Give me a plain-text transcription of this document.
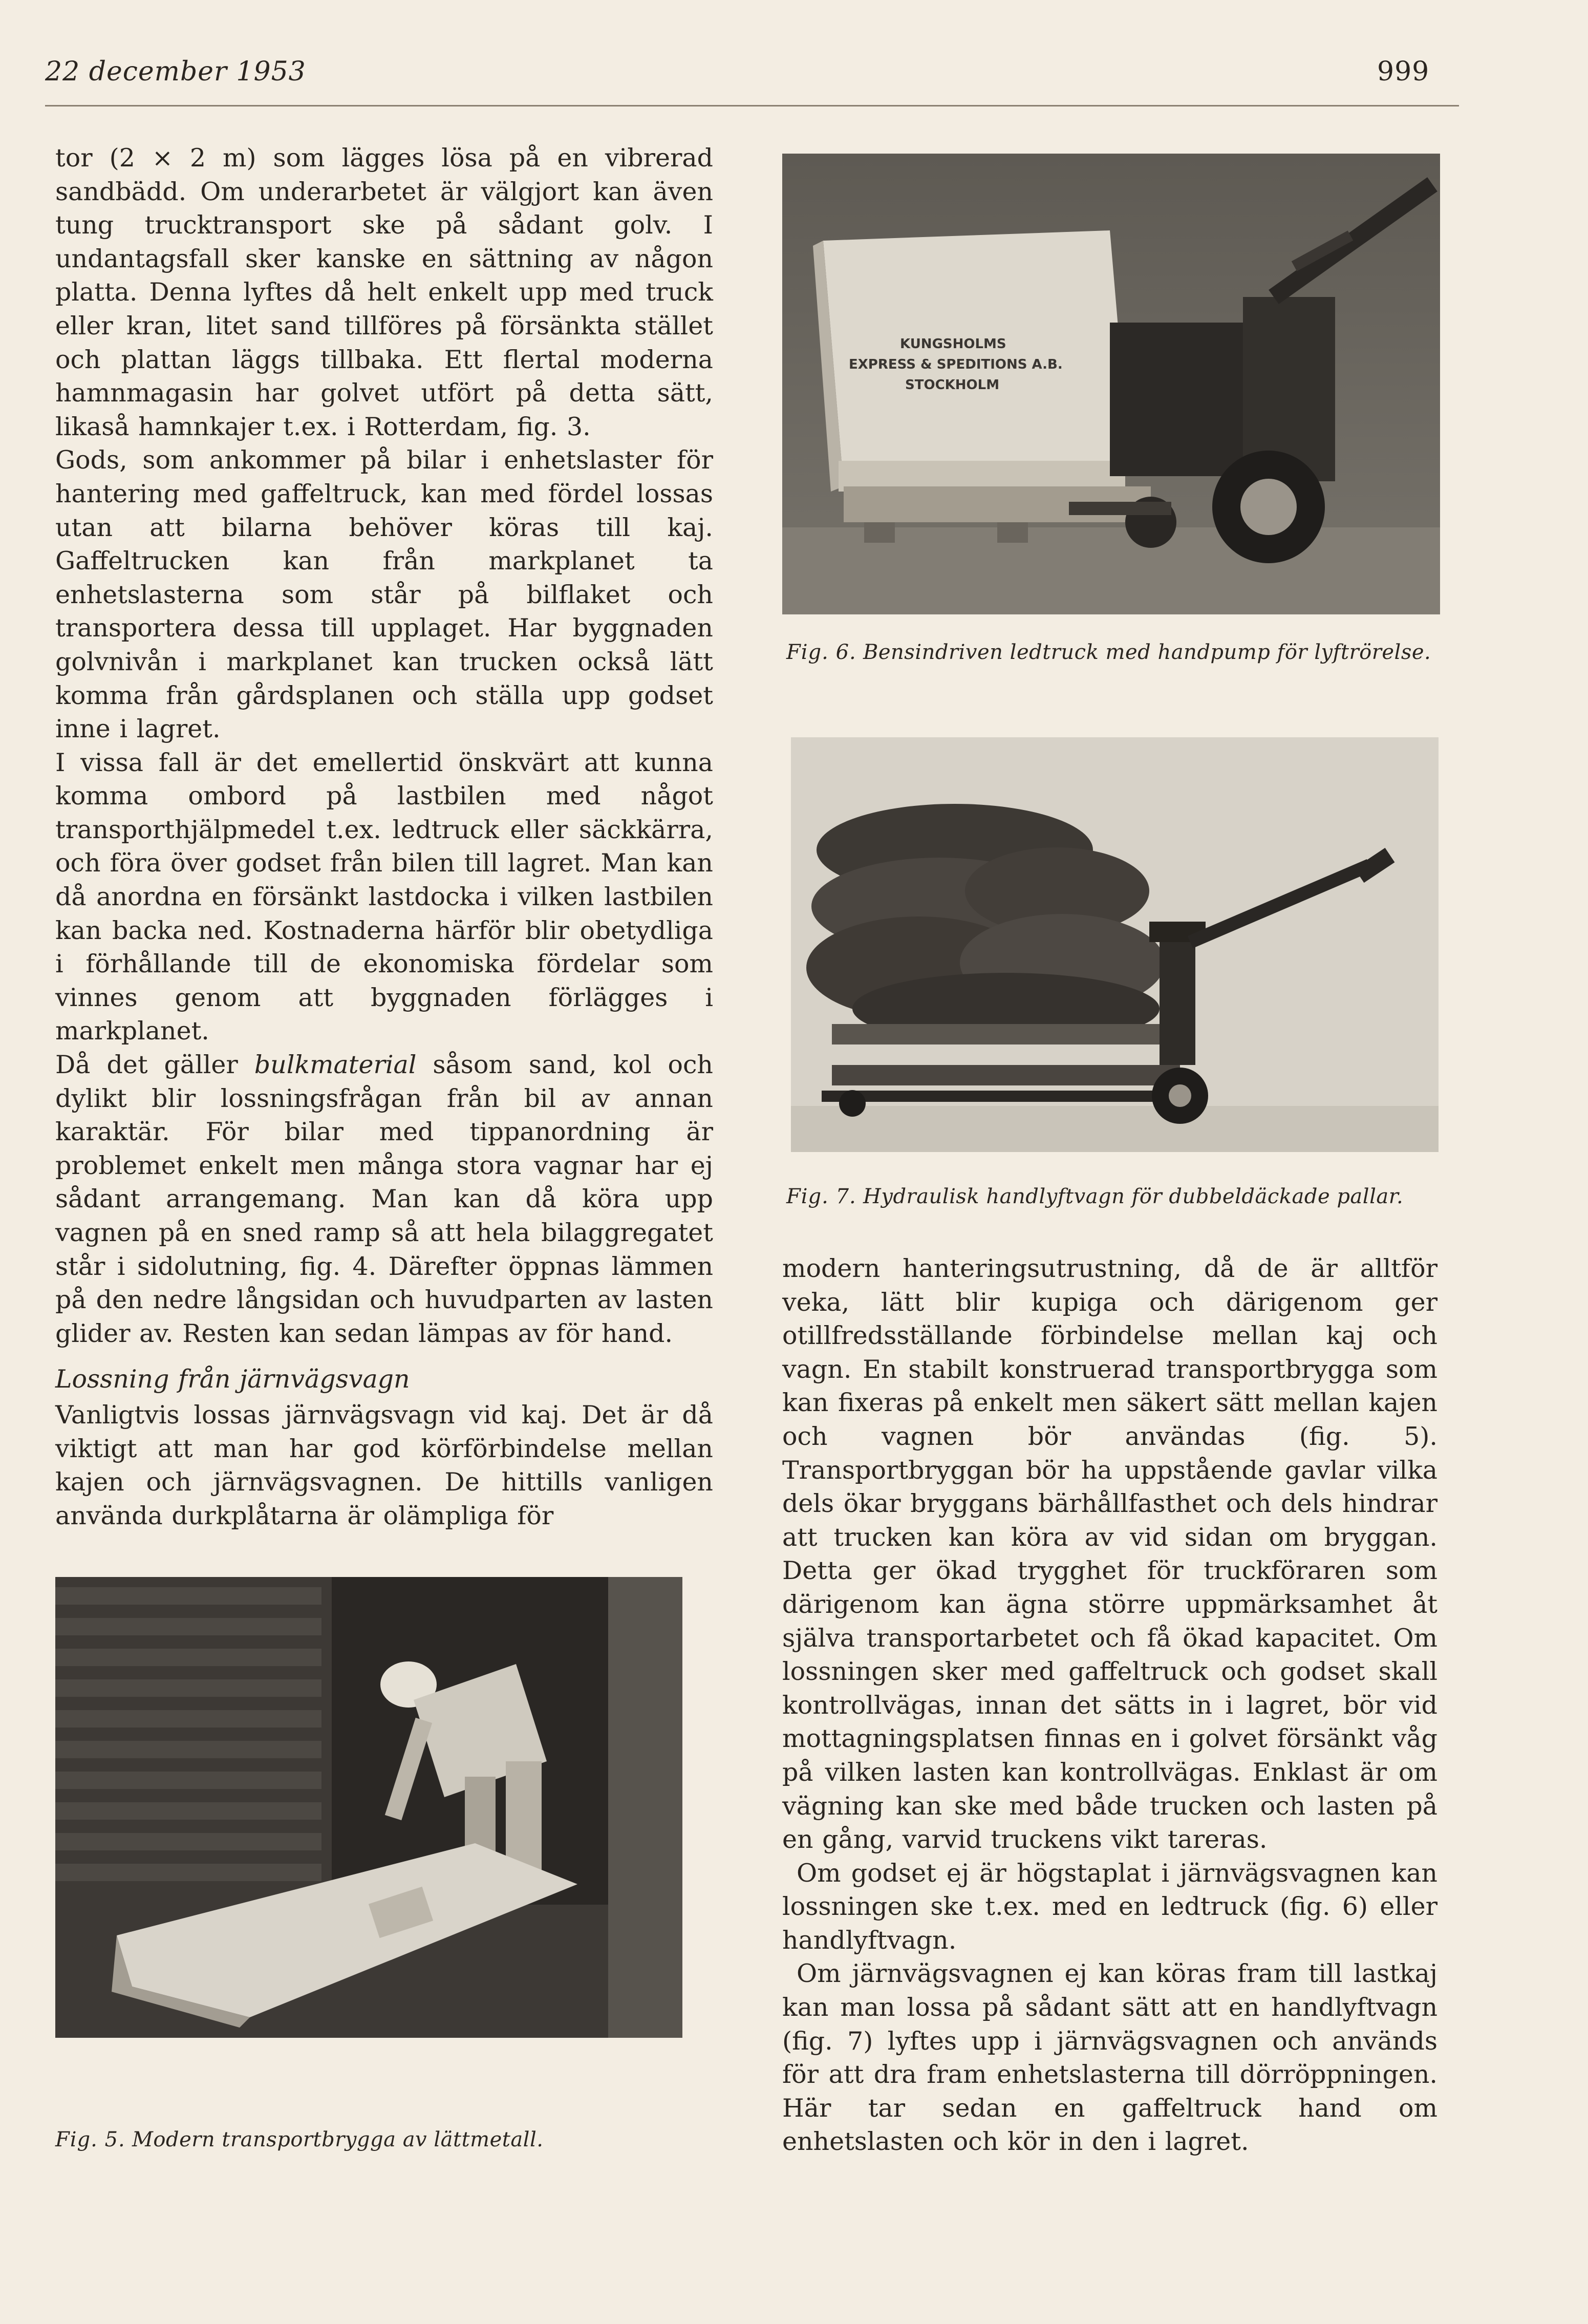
22 december 1953	999

tor (2 × 2 m) som lägges lösa på en vibrerad sandbädd. Om underarbetet är välgjort kan även tung trucktransport ske på sådant golv. I undantagsfall sker kanske en sättning av någon platta. Denna lyftes då helt enkelt upp med truck eller kran, litet sand tillföres på försänkta stället och plattan läggs tillbaka. Ett flertal moderna hamnmagasin har golvet utfört på detta sätt, likaså hamnkajer t.ex. i Rotterdam, fig. 3.

Gods, som ankommer på bilar i enhetslaster för hantering med gaffeltruck, kan med fördel lossas utan att bilarna behöver köras till kaj. Gaffeltrucken kan från markplanet ta enhetslasterna som står på bilflaket och transportera dessa till upplaget. Har byggnaden golvnivån i markplanet kan trucken också lätt komma från gårdsplanen och ställa upp godset inne i lagret.

I vissa fall är det emellertid önskvärt att kunna komma ombord på lastbilen med något transporthjälpmedel t.ex. ledtruck eller säckkärra, och föra över godset från bilen till lagret. Man kan då anordna en försänkt lastdocka i vilken lastbilen kan backa ned. Kostnaderna härför blir obetydliga i förhållande till de ekonomiska fördelar som vinnes genom att byggnaden förlägges i markplanet.

Då det gäller bulkmaterial såsom sand, kol och dylikt blir lossningsfrågan från bil av annan karaktär. För bilar med tippanordning är problemet enkelt men många stora vagnar har ej sådant arrangemang. Man kan då köra upp vagnen på en sned ramp så att hela bilaggregatet står i sidolutning, fig. 4. Därefter öppnas lämmen på den nedre långsidan och huvudparten av lasten glider av. Resten kan sedan lämpas av för hand.

Lossning från järnvägsvagn

Vanligtvis lossas järnvägsvagn vid kaj. Det är då viktigt att man har god körförbindelse mellan kajen och järnvägsvagnen. De hittills vanligen använda durkplåtarna är olämpliga för

KUNGSHOLMS
EXPRESS & SPEDITIONS A.B.
STOCKHOLM
Fig. 6. Bensindriven ledtruck med handpump för lyftrörelse.
Fig. 7. Hydraulisk handlyftvagn för dubbeldäckade pallar.

modern hanteringsutrustning, då de är alltför veka, lätt blir kupiga och därigenom ger otillfredsställande förbindelse mellan kaj och vagn. En stabilt konstruerad transportbrygga som kan fixeras på enkelt men säkert sätt mellan kajen och vagnen bör användas (fig. 5). Transportbryggan bör ha uppstående gavlar vilka dels ökar bryggans bärhållfasthet och dels hindrar att trucken kan köra av vid sidan om bryggan. Detta ger ökad trygghet för truckföraren som därigenom kan ägna större uppmärksamhet åt själva transportarbetet och få ökad kapacitet. Om lossningen sker med gaffeltruck och godset skall kontrollvägas, innan det sätts in i lagret, bör vid mottagningsplatsen finnas en i golvet försänkt våg på vilken lasten kan kontrollvägas. Enklast är om vägning kan ske med både trucken och lasten på en gång, varvid truckens vikt tareras.

Om godset ej är högstaplat i järnvägsvagnen kan lossningen ske t.ex. med en ledtruck (fig. 6) eller handlyftvagn.

Om järnvägsvagnen ej kan köras fram till lastkaj kan man lossa på sådant sätt att en handlyftvagn (fig. 7) lyftes upp i järnvägsvagnen och används för att dra fram enhetslasterna till dörröppningen. Här tar sedan en gaffeltruck hand om enhetslasten och kör in den i lagret.

Fig. 5. Modern transportbrygga av lättmetall.
